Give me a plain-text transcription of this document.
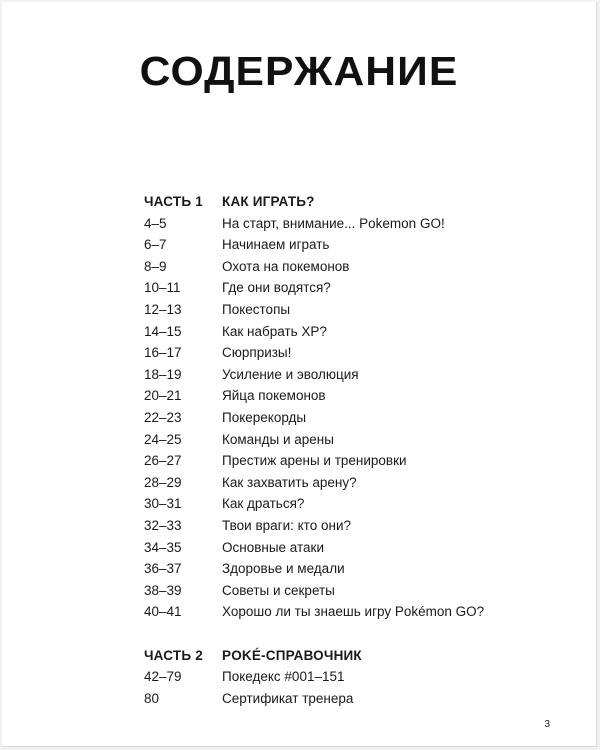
СОДЕРЖАНИЕ
ЧАСТЬ 1	КАК ИГРАТЬ?
4–5	На старт, внимание... Pokemon GO!
6–7	Начинаем играть
8–9	Охота на покемонов
10–11	Где они водятся?
12–13	Покестопы
14–15	Как набрать XP?
16–17	Сюрпризы!
18–19	Усиление и эволюция
20–21	Яйца покемонов
22–23	Покерекорды
24–25	Команды и арены
26–27	Престиж арены и тренировки
28–29	Как захватить арену?
30–31	Как драться?
32–33	Твои враги: кто они?
34–35	Основные атаки
36–37	Здоровье и медали
38–39	Советы и секреты
40–41	Хорошо ли ты знаешь игру Pokémon GO?
ЧАСТЬ 2	POKÉ-СПРАВОЧНИК
42–79	Покедекс #001–151
80	Сертификат тренера
3
